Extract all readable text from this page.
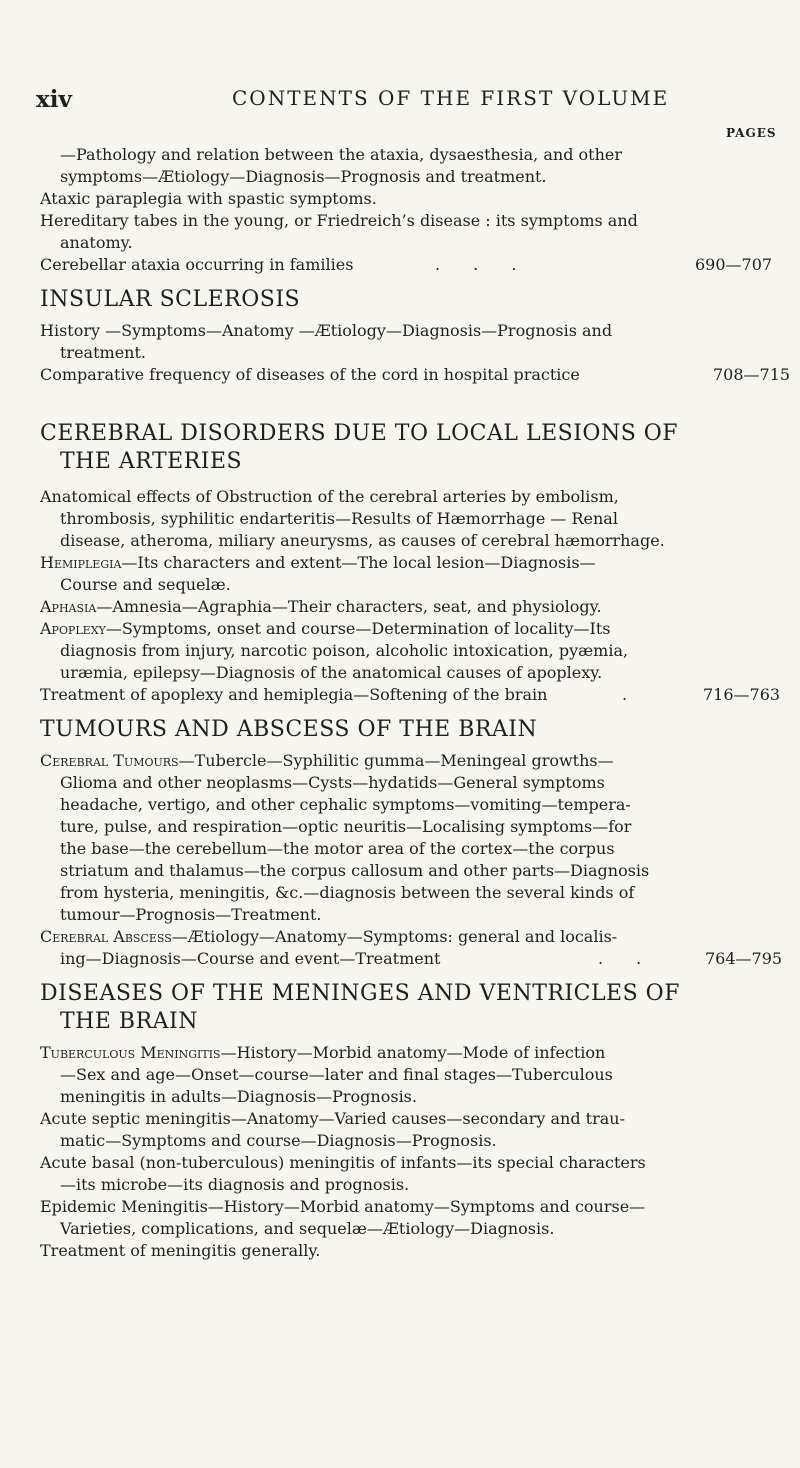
xiv	CONTENTS OF THE FIRST VOLUME
PAGES
—Pathology and relation between the ataxia, dysaesthesia, and other
symptoms—Ætiology—Diagnosis—Prognosis and treatment.
Ataxic paraplegia with spastic symptoms.
Hereditary tabes in the young, or Friedreich’s disease : its symptoms and
anatomy.
Cerebellar ataxia occurring in families	. . .	690—707
INSULAR SCLEROSIS
History —Symptoms—Anatomy —Ætiology—Diagnosis—Prognosis and
treatment.
Comparative frequency of diseases of the cord in hospital practice	708—715
CEREBRAL DISORDERS DUE TO LOCAL LESIONS OF
THE ARTERIES
Anatomical effects of Obstruction of the cerebral arteries by embolism,
thrombosis, syphilitic endarteritis—Results of Hæmorrhage — Renal
disease, atheroma, miliary aneurysms, as causes of cerebral hæmorrhage.
Hemiplegia—Its characters and extent—The local lesion—Diagnosis—
Course and sequelæ.
Aphasia—Amnesia—Agraphia—Their characters, seat, and physiology.
Apoplexy—Symptoms, onset and course—Determination of locality—Its
diagnosis from injury, narcotic poison, alcoholic intoxication, pyæmia,
uræmia, epilepsy—Diagnosis of the anatomical causes of apoplexy.
Treatment of apoplexy and hemiplegia—Softening of the brain	.	716—763
TUMOURS AND ABSCESS OF THE BRAIN
Cerebral Tumours—Tubercle—Syphilitic gumma—Meningeal growths—
Glioma and other neoplasms—Cysts—hydatids—General symptoms
headache, vertigo, and other cephalic symptoms—vomiting—tempera-
ture, pulse, and respiration—optic neuritis—Localising symptoms—for
the base—the cerebellum—the motor area of the cortex—the corpus
striatum and thalamus—the corpus callosum and other parts—Diagnosis
from hysteria, meningitis, &c.—diagnosis between the several kinds of
tumour—Prognosis—Treatment.
Cerebral Abscess—Ætiology—Anatomy—Symptoms: general and localis-
ing—Diagnosis—Course and event—Treatment	. .	764—795
DISEASES OF THE MENINGES AND VENTRICLES OF
THE BRAIN
Tuberculous Meningitis—History—Morbid anatomy—Mode of infection
—Sex and age—Onset—course—later and final stages—Tuberculous
meningitis in adults—Diagnosis—Prognosis.
Acute septic meningitis—Anatomy—Varied causes—secondary and trau-
matic—Symptoms and course—Diagnosis—Prognosis.
Acute basal (non-tuberculous) meningitis of infants—its special characters
—its microbe—its diagnosis and prognosis.
Epidemic Meningitis—History—Morbid anatomy—Symptoms and course—
Varieties, complications, and sequelæ—Ætiology—Diagnosis.
Treatment of meningitis generally.
